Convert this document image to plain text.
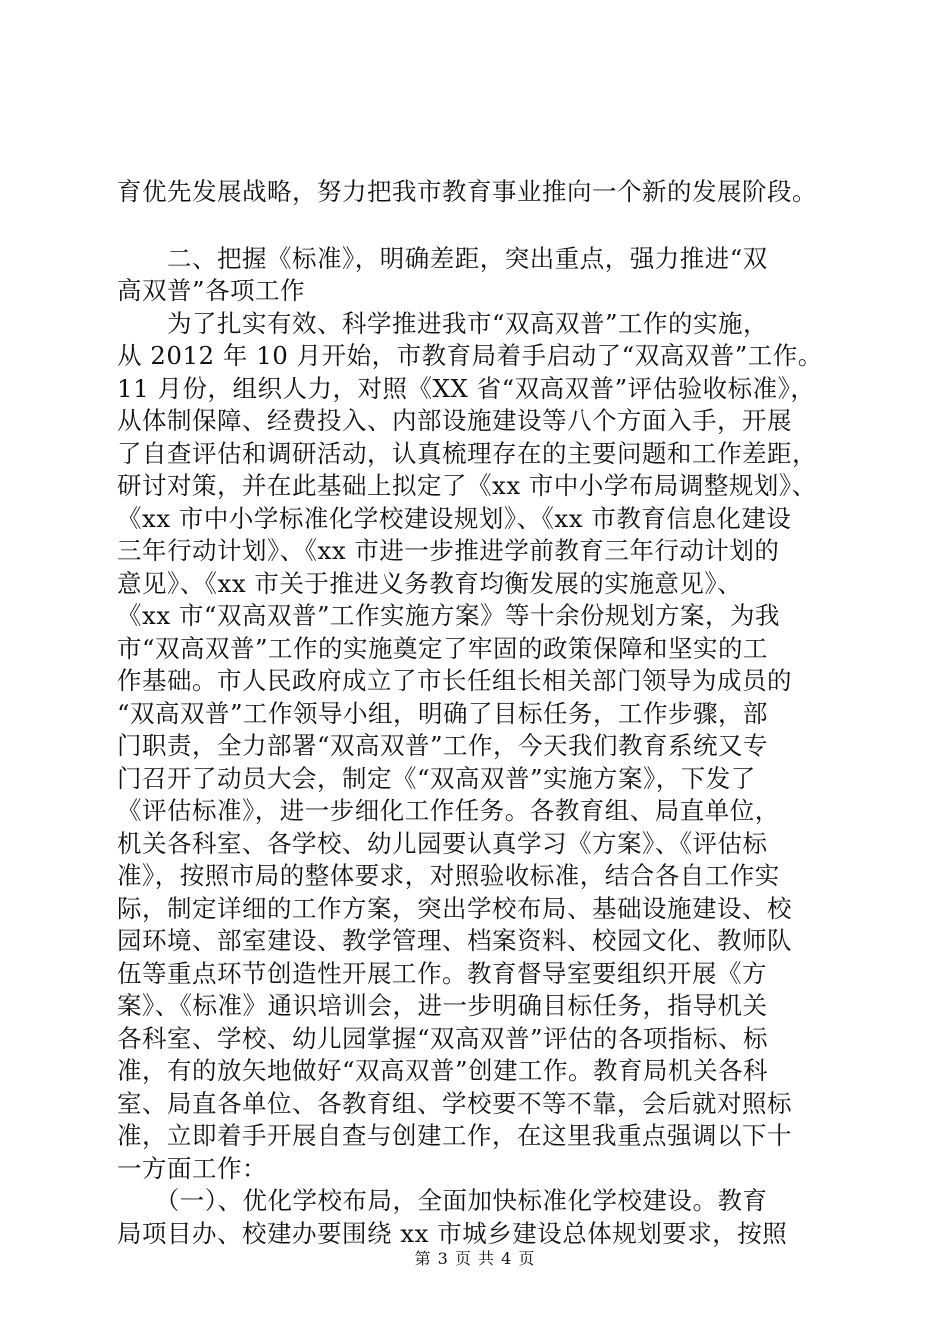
育优先发展战略，努力把我市教育事业推向一个新的发展阶段。
　　二、把握《标准》，明确差距，突出重点，强力推进“双
高双普”各项工作
　　为了扎实有效、科学推进我市“双高双普”工作的实施，
从 2012 年 10 月开始，市教育局着手启动了“双高双普”工作。
11 月份，组织人力，对照《XX 省“双高双普”评估验收标准》，
从体制保障、经费投入、内部设施建设等八个方面入手，开展
了自查评估和调研活动，认真梳理存在的主要问题和工作差距，
研讨对策，并在此基础上拟定了《xx 市中小学布局调整规划》、
《xx 市中小学标准化学校建设规划》、《xx 市教育信息化建设
三年行动计划》、《xx 市进一步推进学前教育三年行动计划的
意见》、《xx 市关于推进义务教育均衡发展的实施意见》、
《xx 市“双高双普”工作实施方案》等十余份规划方案，为我
市“双高双普”工作的实施奠定了牢固的政策保障和坚实的工
作基础。市人民政府成立了市长任组长相关部门领导为成员的
“双高双普”工作领导小组，明确了目标任务，工作步骤，部
门职责，全力部署“双高双普”工作，今天我们教育系统又专
门召开了动员大会，制定《“双高双普”实施方案》，下发了
《评估标准》，进一步细化工作任务。各教育组、局直单位，
机关各科室、各学校、幼儿园要认真学习《方案》、《评估标
准》，按照市局的整体要求，对照验收标准，结合各自工作实
际，制定详细的工作方案，突出学校布局、基础设施建设、校
园环境、部室建设、教学管理、档案资料、校园文化、教师队
伍等重点环节创造性开展工作。教育督导室要组织开展《方
案》、《标准》通识培训会，进一步明确目标任务，指导机关
各科室、学校、幼儿园掌握“双高双普”评估的各项指标、标
准，有的放矢地做好“双高双普”创建工作。教育局机关各科
室、局直各单位、各教育组、学校要不等不靠，会后就对照标
准，立即着手开展自查与创建工作，在这里我重点强调以下十
一方面工作：
　　（一）、优化学校布局，全面加快标准化学校建设。教育
局项目办、校建办要围绕 xx 市城乡建设总体规划要求，按照
第 3 页 共 4 页
